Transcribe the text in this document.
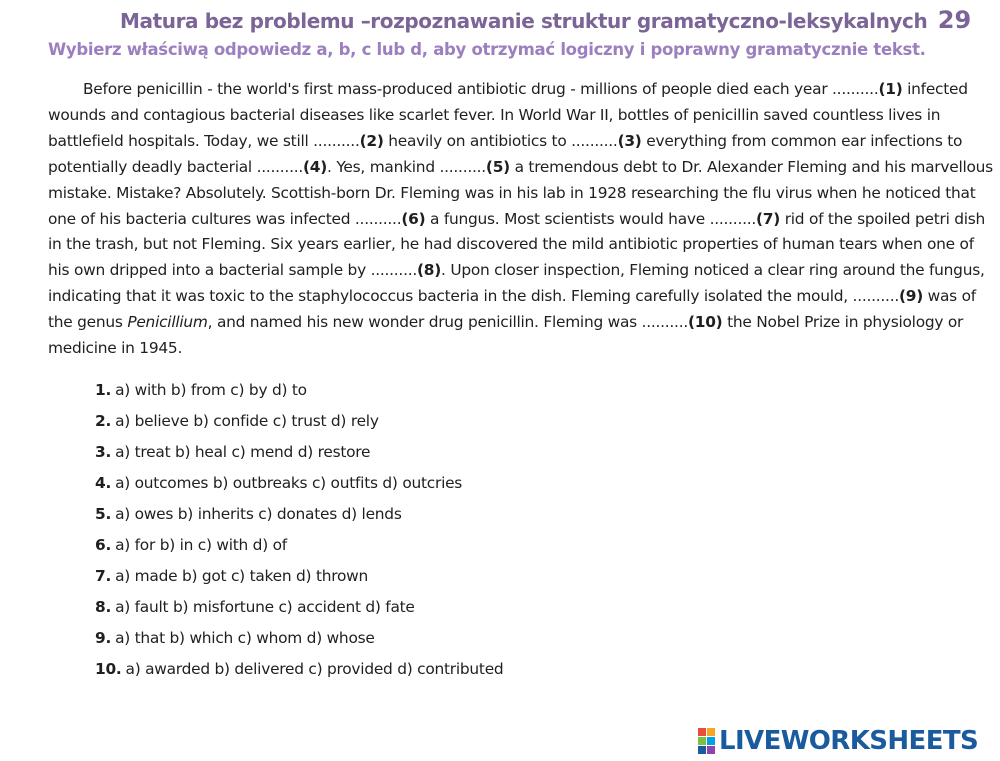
Matura bez problemu –rozpoznawanie struktur gramatyczno-leksykalnych 29
Wybierz właściwą odpowiedz a, b, c lub d, aby otrzymać logiczny i poprawny gramatycznie tekst.
Before penicillin - the world's first mass-produced antibiotic drug - millions of people died each year ..........(1) infected
wounds and contagious bacterial diseases like scarlet fever. In World War II, bottles of penicillin saved countless lives in
battlefield hospitals. Today, we still ..........(2) heavily on antibiotics to ..........(3) everything from common ear infections to
potentially deadly bacterial ..........(4). Yes, mankind ..........(5) a tremendous debt to Dr. Alexander Fleming and his marvellous
mistake. Mistake? Absolutely. Scottish-born Dr. Fleming was in his lab in 1928 researching the flu virus when he noticed that
one of his bacteria cultures was infected ..........(6) a fungus. Most scientists would have ..........(7) rid of the spoiled petri dish
in the trash, but not Fleming. Six years earlier, he had discovered the mild antibiotic properties of human tears when one of
his own dripped into a bacterial sample by ..........(8). Upon closer inspection, Fleming noticed a clear ring around the fungus,
indicating that it was toxic to the staphylococcus bacteria in the dish. Fleming carefully isolated the mould, ..........(9) was of
the genus Penicillium, and named his new wonder drug penicillin. Fleming was ..........(10) the Nobel Prize in physiology or
medicine in 1945.
1. a) with b) from c) by d) to
2. a) believe b) confide c) trust d) rely
3. a) treat b) heal c) mend d) restore
4. a) outcomes b) outbreaks c) outfits d) outcries
5. a) owes b) inherits c) donates d) lends
6. a) for b) in c) with d) of
7. a) made b) got c) taken d) thrown
8. a) fault b) misfortune c) accident d) fate
9. a) that b) which c) whom d) whose
10. a) awarded b) delivered c) provided d) contributed
LIVEWORKSHEETS
